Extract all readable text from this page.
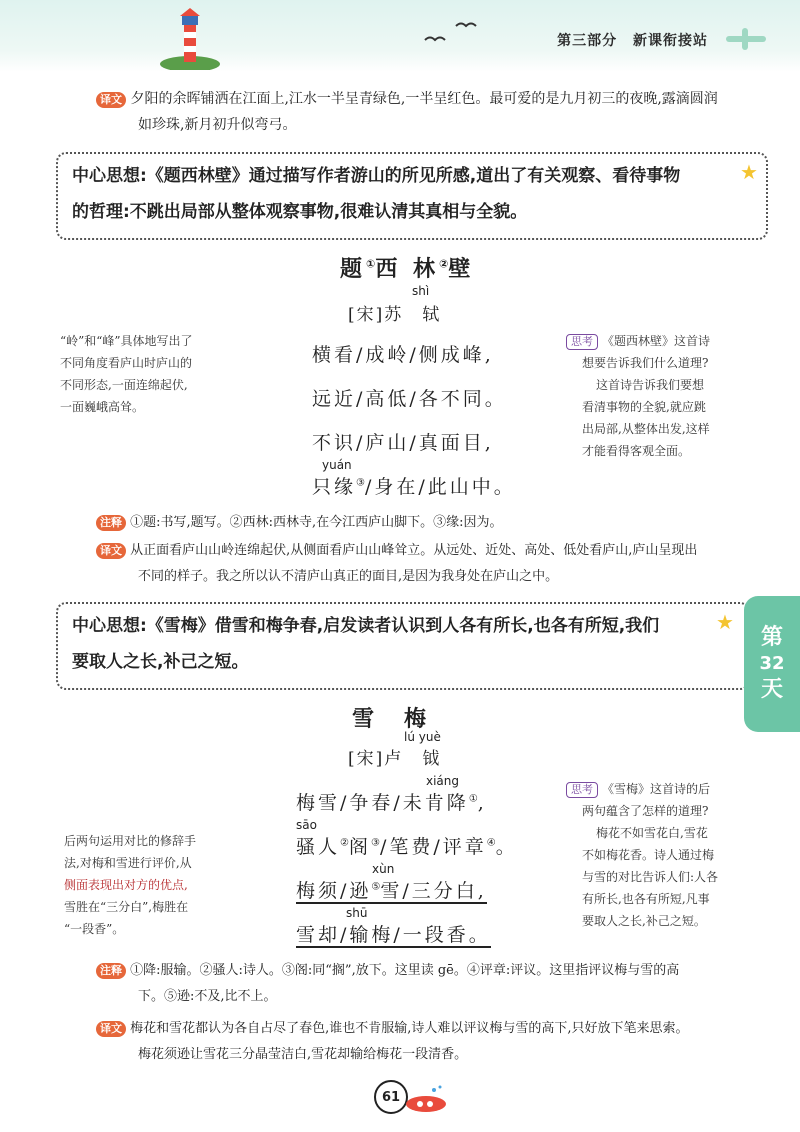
第三部分 新课衔接站
译文 夕阳的余晖铺洒在江面上,江水一半呈青绿色,一半呈红色。最可爱的是九月初三的夜晚,露滴圆润
如珍珠,新月初升似弯弓。
中心思想:《题西林壁》通过描写作者游山的所见所感,道出了有关观察、看待事物
的哲理:不跳出局部从整体观察事物,很难认清其真相与全貌。
★
题①西 林②壁
shì
[宋]苏　轼
横看/成岭/侧成峰,
远近/高低/各不同。
不识/庐山/真面目,
yuán
只缘③/身在/此山中。
“岭”和“峰”具体地写出了
不同角度看庐山时庐山的
不同形态,一面连绵起伏,
一面巍峨高耸。
思考 《题西林壁》这首诗
想要告诉我们什么道理?
这首诗告诉我们要想
看清事物的全貌,就应跳
出局部,从整体出发,这样
才能看得客观全面。
注释 ①题:书写,题写。②西林:西林寺,在今江西庐山脚下。③缘:因为。
译文 从正面看庐山山岭连绵起伏,从侧面看庐山山峰耸立。从远处、近处、高处、低处看庐山,庐山呈现出
不同的样子。我之所以认不清庐山真正的面目,是因为我身处在庐山之中。
中心思想:《雪梅》借雪和梅争春,启发读者认识到人各有所长,也各有所短,我们
要取人之长,补己之短。
★
第
32
天
雪　梅
lú yuè
[宋]卢　钺
xiáng
梅雪/争春/未肯降①,
sāo
骚人②阁③/笔费/评章④。
xùn
梅须/逊⑤雪/三分白,
shū
雪却/输梅/一段香。
后两句运用对比的修辞手
法,对梅和雪进行评价,从
侧面表现出对方的优点,
雪胜在“三分白”,梅胜在
“一段香”。
思考 《雪梅》这首诗的后
两句蕴含了怎样的道理?
梅花不如雪花白,雪花
不如梅花香。诗人通过梅
与雪的对比告诉人们:人各
有所长,也各有所短,凡事
要取人之长,补己之短。
注释 ①降:服输。②骚人:诗人。③阁:同“搁”,放下。这里读 gē。④评章:评议。这里指评议梅与雪的高
下。⑤逊:不及,比不上。
译文 梅花和雪花都认为各自占尽了春色,谁也不肯服输,诗人难以评议梅与雪的高下,只好放下笔来思索。
梅花须逊让雪花三分晶莹洁白,雪花却输给梅花一段清香。
61
